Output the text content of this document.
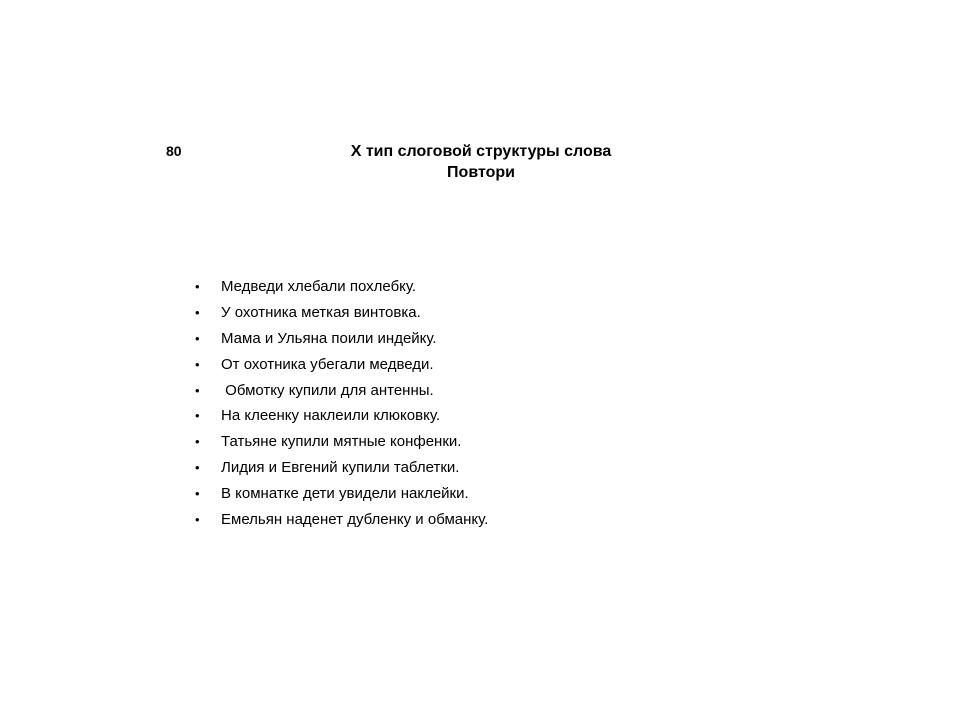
80	Х тип слоговой структуры слова
Повтори
•	Медведи хлебали похлебку.
•	У охотника меткая винтовка.
•	Мама и Ульяна поили индейку.
•	От охотника убегали медведи.
•	Обмотку купили для антенны.
•	На клеенку наклеили клюковку.
•	Татьяне купили мятные конфенки.
•	Лидия и Евгений купили таблетки.
•	В комнатке дети увидели наклейки.
•	Емельян наденет дубленку и обманку.
